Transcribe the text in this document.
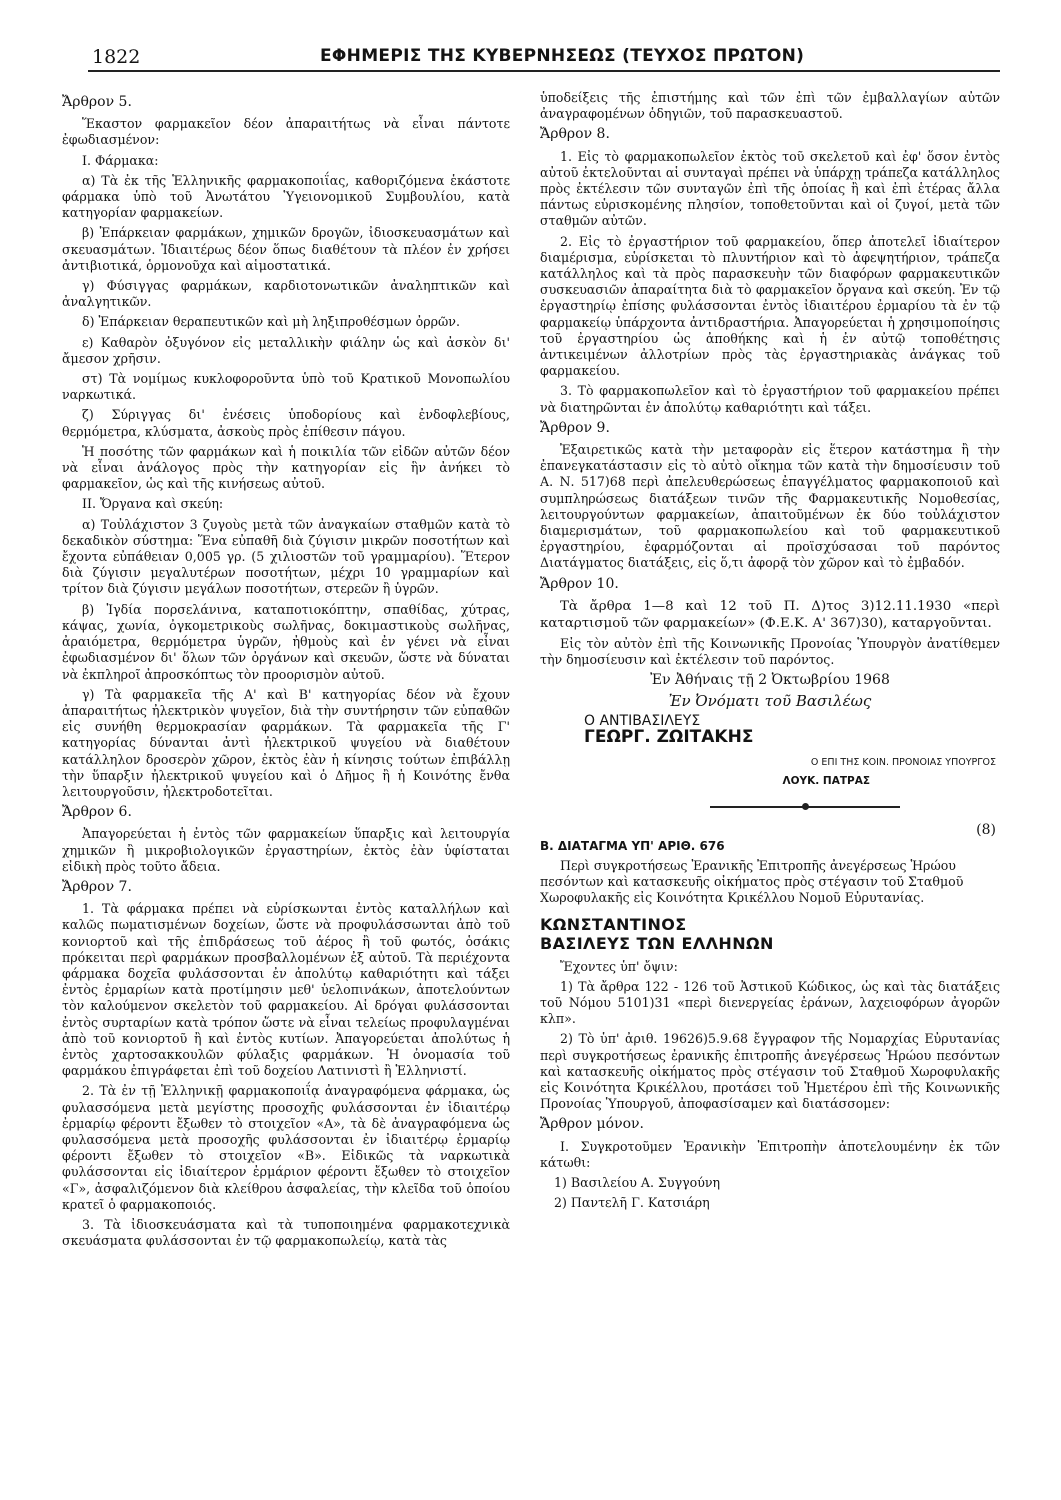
1822	ΕΦΗΜΕΡΙΣ ΤΗΣ ΚΥΒΕΡΝΗΣΕΩΣ (ΤΕΥΧΟΣ ΠΡΩΤΟΝ)

Ἄρθρον 5.

Ἕκαστον φαρμακεῖον δέον ἀπαραιτήτως νὰ εἶναι πάντοτε ἐφωδιασμένον:

Ι. Φάρμακα:

α) Τὰ ἐκ τῆς Ἑλληνικῆς φαρμακοποιΐας, καθοριζόμενα ἑκάστοτε φάρμακα ὑπὸ τοῦ Ἀνωτάτου Ὑγειονομικοῦ Συμβουλίου, κατὰ κατηγορίαν φαρμακείων.

β) Ἐπάρκειαν φαρμάκων, χημικῶν δρογῶν, ἰδιοσκευασμάτων καὶ σκευασμάτων. Ἰδιαιτέρως δέον ὅπως διαθέτουν τὰ πλέον ἐν χρήσει ἀντιβιοτικά, ὁρμονοῦχα καὶ αἱμοστατικά.

γ) Φύσιγγας φαρμάκων, καρδιοτονωτικῶν ἀναληπτικῶν καὶ ἀναλγητικῶν.

δ) Ἐπάρκειαν θεραπευτικῶν καὶ μὴ ληξιπροθέσμων ὀρρῶν.

ε) Καθαρὸν ὀξυγόνον εἰς μεταλλικὴν φιάλην ὡς καὶ ἀσκὸν δι' ἄμεσον χρῆσιν.

στ) Τὰ νομίμως κυκλοφοροῦντα ὑπὸ τοῦ Κρατικοῦ Μονοπωλίου ναρκωτικά.

ζ) Σύριγγας δι' ἐνέσεις ὑποδορίους καὶ ἐνδοφλεβίους, θερμόμετρα, κλύσματα, ἀσκοὺς πρὸς ἐπίθεσιν πάγου.

Ἡ ποσότης τῶν φαρμάκων καὶ ἡ ποικιλία τῶν εἰδῶν αὐτῶν δέον νὰ εἶναι ἀνάλογος πρὸς τὴν κατηγορίαν εἰς ἣν ἀνήκει τὸ φαρμακεῖον, ὡς καὶ τῆς κινήσεως αὐτοῦ.

ΙΙ. Ὄργανα καὶ σκεύη:

α) Τοὐλάχιστον 3 ζυγοὺς μετὰ τῶν ἀναγκαίων σταθμῶν κατὰ τὸ δεκαδικὸν σύστημα: Ἕνα εὐπαθῆ διὰ ζύγισιν μικρῶν ποσοτήτων καὶ ἔχοντα εὐπάθειαν 0,005 γρ. (5 χιλιοστῶν τοῦ γραμμαρίου). Ἕτερον διὰ ζύγισιν μεγαλυτέρων ποσοτήτων, μέχρι 10 γραμμαρίων καὶ τρίτον διὰ ζύγισιν μεγάλων ποσοτήτων, στερεῶν ἢ ὑγρῶν.

β) Ἰγδία πορσελάνινα, καταποτιοκόπτην, σπαθίδας, χύτρας, κάψας, χωνία, ὀγκομετρικοὺς σωλῆνας, δοκιμαστικοὺς σωλῆνας, ἀραιόμετρα, θερμόμετρα ὑγρῶν, ἠθμοὺς καὶ ἐν γένει νὰ εἶναι ἐφωδιασμένον δι' ὅλων τῶν ὀργάνων καὶ σκευῶν, ὥστε νὰ δύναται νὰ ἐκπληροῖ ἀπροσκόπτως τὸν προορισμὸν αὐτοῦ.

γ) Τὰ φαρμακεῖα τῆς Α' καὶ Β' κατηγορίας δέον νὰ ἔχουν ἀπαραιτήτως ἠλεκτρικὸν ψυγεῖον, διὰ τὴν συντήρησιν τῶν εὐπαθῶν εἰς συνήθη θερμοκρασίαν φαρμάκων. Τὰ φαρμακεῖα τῆς Γ' κατηγορίας δύνανται ἀντὶ ἠλεκτρικοῦ ψυγείου νὰ διαθέτουν κατάλληλον δροσερὸν χῶρον, ἐκτὸς ἐὰν ἡ κίνησις τούτων ἐπιβάλλῃ τὴν ὕπαρξιν ἠλεκτρικοῦ ψυγείου καὶ ὁ Δῆμος ἢ ἡ Κοινότης ἔνθα λειτουργοῦσιν, ἠλεκτροδοτεῖται.

Ἄρθρον 6.

Ἀπαγορεύεται ἡ ἐντὸς τῶν φαρμακείων ὕπαρξις καὶ λειτουργία χημικῶν ἢ μικροβιολογικῶν ἐργαστηρίων, ἐκτὸς ἐὰν ὑφίσταται εἰδικὴ πρὸς τοῦτο ἄδεια.

Ἄρθρον 7.

1. Τὰ φάρμακα πρέπει νὰ εὑρίσκωνται ἐντὸς καταλλήλων καὶ καλῶς πωματισμένων δοχείων, ὥστε νὰ προφυλάσσωνται ἀπὸ τοῦ κονιορτοῦ καὶ τῆς ἐπιδράσεως τοῦ ἀέρος ἢ τοῦ φωτός, ὁσάκις πρόκειται περὶ φαρμάκων προσβαλλομένων ἐξ αὐτοῦ. Τὰ περιέχοντα φάρμακα δοχεῖα φυλάσσονται ἐν ἀπολύτῳ καθαριότητι καὶ τάξει ἐντὸς ἐρμαρίων κατὰ προτίμησιν μεθ' ὑελοπινάκων, ἀποτελούντων τὸν καλούμενον σκελετὸν τοῦ φαρμακείου. Αἱ δρόγαι φυλάσσονται ἐντὸς συρταρίων κατὰ τρόπον ὥστε νὰ εἶναι τελείως προφυλαγμέναι ἀπὸ τοῦ κονιορτοῦ ἢ καὶ ἐντὸς κυτίων. Ἀπαγορεύεται ἀπολύτως ἡ ἐντὸς χαρτοσακκουλῶν φύλαξις φαρμάκων. Ἡ ὀνομασία τοῦ φαρμάκου ἐπιγράφεται ἐπὶ τοῦ δοχείου Λατινιστὶ ἢ Ἑλληνιστί.

2. Τὰ ἐν τῇ Ἑλληνικῇ φαρμακοποιΐᾳ ἀναγραφόμενα φάρμακα, ὡς φυλασσόμενα μετὰ μεγίστης προσοχῆς φυλάσσονται ἐν ἰδιαιτέρῳ ἐρμαρίῳ φέροντι ἔξωθεν τὸ στοιχεῖον «Α», τὰ δὲ ἀναγραφόμενα ὡς φυλασσόμενα μετὰ προσοχῆς φυλάσσονται ἐν ἰδιαιτέρῳ ἐρμαρίῳ φέροντι ἔξωθεν τὸ στοιχεῖον «Β». Εἰδικῶς τὰ ναρκωτικὰ φυλάσσονται εἰς ἰδιαίτερον ἐρμάριον φέροντι ἔξωθεν τὸ στοιχεῖον «Γ», ἀσφαλιζόμενον διὰ κλείθρου ἀσφαλείας, τὴν κλεῖδα τοῦ ὁποίου κρατεῖ ὁ φαρμακοποιός.

3. Τὰ ἰδιοσκευάσματα καὶ τὰ τυποποιημένα φαρμακοτεχνικὰ σκευάσματα φυλάσσονται ἐν τῷ φαρμακοπωλείῳ, κατὰ τὰς

ὑποδείξεις τῆς ἐπιστήμης καὶ τῶν ἐπὶ τῶν ἐμβαλλαγίων αὐτῶν ἀναγραφομένων ὁδηγιῶν, τοῦ παρασκευαστοῦ.

Ἄρθρον 8.

1. Εἰς τὸ φαρμακοπωλεῖον ἐκτὸς τοῦ σκελετοῦ καὶ ἐφ' ὅσον ἐντὸς αὐτοῦ ἐκτελοῦνται αἱ συνταγαὶ πρέπει νὰ ὑπάρχῃ τράπεζα κατάλληλος πρὸς ἐκτέλεσιν τῶν συνταγῶν ἐπὶ τῆς ὁποίας ἢ καὶ ἐπὶ ἑτέρας ἄλλα πάντως εὑρισκομένης πλησίον, τοποθετοῦνται καὶ οἱ ζυγοί, μετὰ τῶν σταθμῶν αὐτῶν.

2. Εἰς τὸ ἐργαστήριον τοῦ φαρμακείου, ὅπερ ἀποτελεῖ ἰδιαίτερον διαμέρισμα, εὑρίσκεται τὸ πλυντήριον καὶ τὸ ἀφεψητήριον, τράπεζα κατάλληλος καὶ τὰ πρὸς παρασκευὴν τῶν διαφόρων φαρμακευτικῶν συσκευασιῶν ἀπαραίτητα διὰ τὸ φαρμακεῖον ὄργανα καὶ σκεύη. Ἐν τῷ ἐργαστηρίῳ ἐπίσης φυλάσσονται ἐντὸς ἰδιαιτέρου ἐρμαρίου τὰ ἐν τῷ φαρμακείῳ ὑπάρχοντα ἀντιδραστήρια. Ἀπαγορεύεται ἡ χρησιμοποίησις τοῦ ἐργαστηρίου ὡς ἀποθήκης καὶ ἡ ἐν αὐτῷ τοποθέτησις ἀντικειμένων ἀλλοτρίων πρὸς τὰς ἐργαστηριακὰς ἀνάγκας τοῦ φαρμακείου.

3. Τὸ φαρμακοπωλεῖον καὶ τὸ ἐργαστήριον τοῦ φαρμακείου πρέπει νὰ διατηρῶνται ἐν ἀπολύτῳ καθαριότητι καὶ τάξει.

Ἄρθρον 9.

Ἐξαιρετικῶς κατὰ τὴν μεταφορὰν εἰς ἕτερον κατάστημα ἢ τὴν ἐπανεγκατάστασιν εἰς τὸ αὐτὸ οἴκημα τῶν κατὰ τὴν δημοσίευσιν τοῦ Α. Ν. 517)68 περὶ ἀπελευθερώσεως ἐπαγγέλματος φαρμακοποιοῦ καὶ συμπληρώσεως διατάξεων τινῶν τῆς Φαρμακευτικῆς Νομοθεσίας, λειτουργούντων φαρμακείων, ἀπαιτοῦμένων ἐκ δύο τοὐλάχιστον διαμερισμάτων, τοῦ φαρμακοπωλείου καὶ τοῦ φαρμακευτικοῦ ἐργαστηρίου, ἐφαρμόζονται αἱ προϊσχύσασαι τοῦ παρόντος Διατάγματος διατάξεις, εἰς ὅ,τι ἀφορᾷ τὸν χῶρον καὶ τὸ ἐμβαδόν.

Ἄρθρον 10.

Τὰ ἄρθρα 1—8 καὶ 12 τοῦ Π. Δ)τος 3)12.11.1930 «περὶ καταρτισμοῦ τῶν φαρμακείων» (Φ.Ε.Κ. Α' 367)30), καταργοῦνται.

Εἰς τὸν αὐτὸν ἐπὶ τῆς Κοινωνικῆς Προνοίας Ὑπουργὸν ἀνατίθεμεν τὴν δημοσίευσιν καὶ ἐκτέλεσιν τοῦ παρόντος.

Ἐν Ἀθήναις τῇ 2 Ὀκτωβρίου 1968

Ἐν Ὀνόματι τοῦ Βασιλέως

Ο ΑΝΤΙΒΑΣΙΛΕΥΣ

ΓΕΩΡΓ. ΖΩΙΤΑΚΗΣ

Ο ΕΠΙ ΤΗΣ ΚΟΙΝ. ΠΡΟΝΟΙΑΣ ΥΠΟΥΡΓΟΣ

ΛΟΥΚ. ΠΑΤΡΑΣ

(8)

Β. ΔΙΑΤΑΓΜΑ ΥΠ' ΑΡΙΘ. 676

Περὶ συγκροτήσεως Ἐρανικῆς Ἐπιτροπῆς ἀνεγέρσεως Ἡρώου πεσόντων καὶ κατασκευῆς οἰκήματος πρὸς στέγασιν τοῦ Σταθμοῦ Χωροφυλακῆς εἰς Κοινότητα Κρικέλλου Νομοῦ Εὐρυτανίας.

ΚΩΝΣΤΑΝΤΙΝΟΣ

ΒΑΣΙΛΕΥΣ ΤΩΝ ΕΛΛΗΝΩΝ

Ἔχοντες ὑπ' ὄψιν:

1) Τὰ ἄρθρα 122 - 126 τοῦ Ἀστικοῦ Κώδικος, ὡς καὶ τὰς διατάξεις τοῦ Νόμου 5101)31 «περὶ διενεργείας ἐράνων, λαχειοφόρων ἀγορῶν κλπ».

2) Τὸ ὑπ' ἀριθ. 19626)5.9.68 ἔγγραφον τῆς Νομαρχίας Εὐρυτανίας περὶ συγκροτήσεως ἐρανικῆς ἐπιτροπῆς ἀνεγέρσεως Ἡρώου πεσόντων καὶ κατασκευῆς οἰκήματος πρὸς στέγασιν τοῦ Σταθμοῦ Χωροφυλακῆς εἰς Κοινότητα Κρικέλλου, προτάσει τοῦ Ἡμετέρου ἐπὶ τῆς Κοινωνικῆς Προνοίας Ὑπουργοῦ, ἀποφασίσαμεν καὶ διατάσσομεν:

Ἄρθρον μόνον.

Ι. Συγκροτοῦμεν Ἐρανικὴν Ἐπιτροπὴν ἀποτελουμένην ἐκ τῶν κάτωθι:

1) Βασιλείου Α. Συγγούνη

2) Παντελῆ Γ. Κατσιάρη
